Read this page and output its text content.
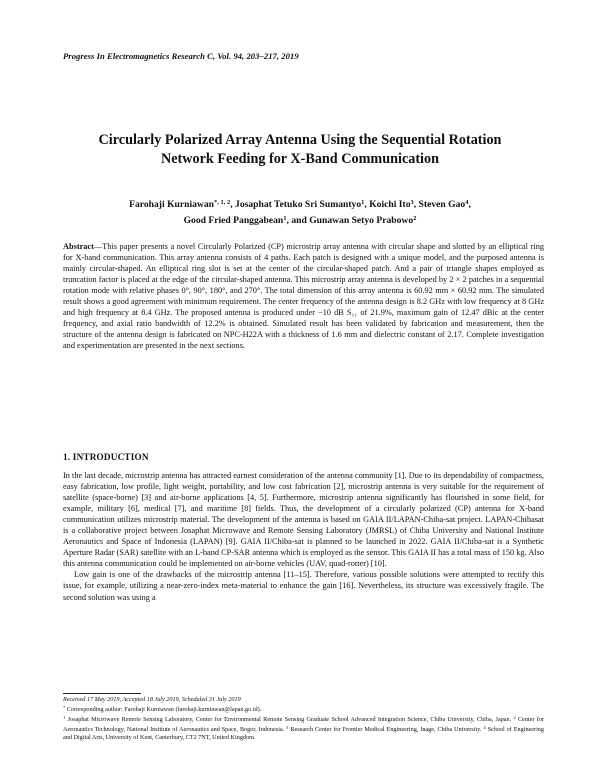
Progress In Electromagnetics Research C, Vol. 94, 203–217, 2019
Circularly Polarized Array Antenna Using the Sequential Rotation
Network Feeding for X-Band Communication
Farohaji Kurniawan$^{*, 1, 2}$, Josaphat Tetuko Sri Sumantyo$^1$, Koichi Ito$^3$, Steven Gao$^4$,
Good Fried Panggabean$^1$, and Gunawan Setyo Prabowo$^2$
Abstract—This paper presents a novel Circularly Polarized (CP) microstrip array antenna with circular shape and slotted by an elliptical ring for X-band communication. This array antenna consists of 4 paths. Each patch is designed with a unique model, and the purposed antenna is mainly circular-shaped. An elliptical ring slot is set at the center of the circular-shaped patch. And a pair of triangle shapes employed as truncation factor is placed at the edge of the circular-shaped antenna. This microstrip array antenna is developed by 2 × 2 patches in a sequential rotation mode with relative phases 0°, 90°, 180°, and 270°. The total dimension of this array antenna is 60.92 mm × 60.92 mm. The simulated result shows a good agreement with minimum requirement. The center frequency of the antenna design is 8.2 GHz with low frequency at 8 GHz and high frequency at 8.4 GHz. The proposed antenna is produced under −10 dB S₁₁ of 21.9%, maximum gain of 12.47 dBic at the center frequency, and axial ratio bandwidth of 12.2% is obtained. Simulated result has been validated by fabrication and measurement, then the structure of the antenna design is fabricated on NPC-H22A with a thickness of 1.6 mm and dielectric constant of 2.17. Complete investigation and experimentation are presented in the next sections.
1. INTRODUCTION

In the last decade, microstrip antenna has attracted earnest consideration of the antenna community [1]. Due to its dependability of compactness, easy fabrication, low profile, light weight, portability, and low cost fabrication [2], microstrip antenna is very suitable for the requirement of satellite (space-borne) [3] and air-borne applications [4, 5]. Furthermore, microstrip antenna significantly has flourished in some field, for example, military [6], medical [7], and maritime [8] fields. Thus, the development of a circularly polarized (CP) antenna for X-band communication utilizes microstrip material. The development of the antenna is based on GAIA II/LAPAN-Chiba-sat project. LAPAN-Chibasat is a collaborative project between Josaphat Microwave and Remote Sensing Laboratory (JMRSL) of Chiba University and National Institute Aeronautics and Space of Indonesia (LAPAN) [9]. GAIA II/Chiba-sat is planned to be launched in 2022. GAIA II/Chiba-sat is a Synthetic Aperture Radar (SAR) satellite with an L-band CP-SAR antenna which is employed as the sensor. This GAIA II has a total mass of 150 kg. Also this antenna communication could be implemented on air-borne vehicles (UAV, quad-rotter) [10].

Low gain is one of the drawbacks of the microstrip antenna [11–15]. Therefore, various possible solutions were attempted to rectify this issue, for example, utilizing a near-zero-index meta-material to enhance the gain [16]. Nevertheless, its structure was excessively fragile. The second solution was using a

Received 17 May 2019, Accepted 18 July 2019, Scheduled 31 July 2019

* Corresponding author: Farohaji Kurniawan (farohaji.kurniawan@lapan.go.id).

$^1$ Josaphat Microwave Remote Sensing Laboratory, Center for Environmental Remote Sensing Graduate School Advanced Integration Science, Chiba University, Chiba, Japan. $^2$ Center for Aeronautics Technology, National Institute of Aeronautics and Space, Bogor, Indonesia. $^3$ Research Center for Frontier Medical Engineering, Inage, Chiba University. $^4$ School of Engineering and Digital Arts, University of Kent, Canterbury, CT2 7NT, United Kingdom.
